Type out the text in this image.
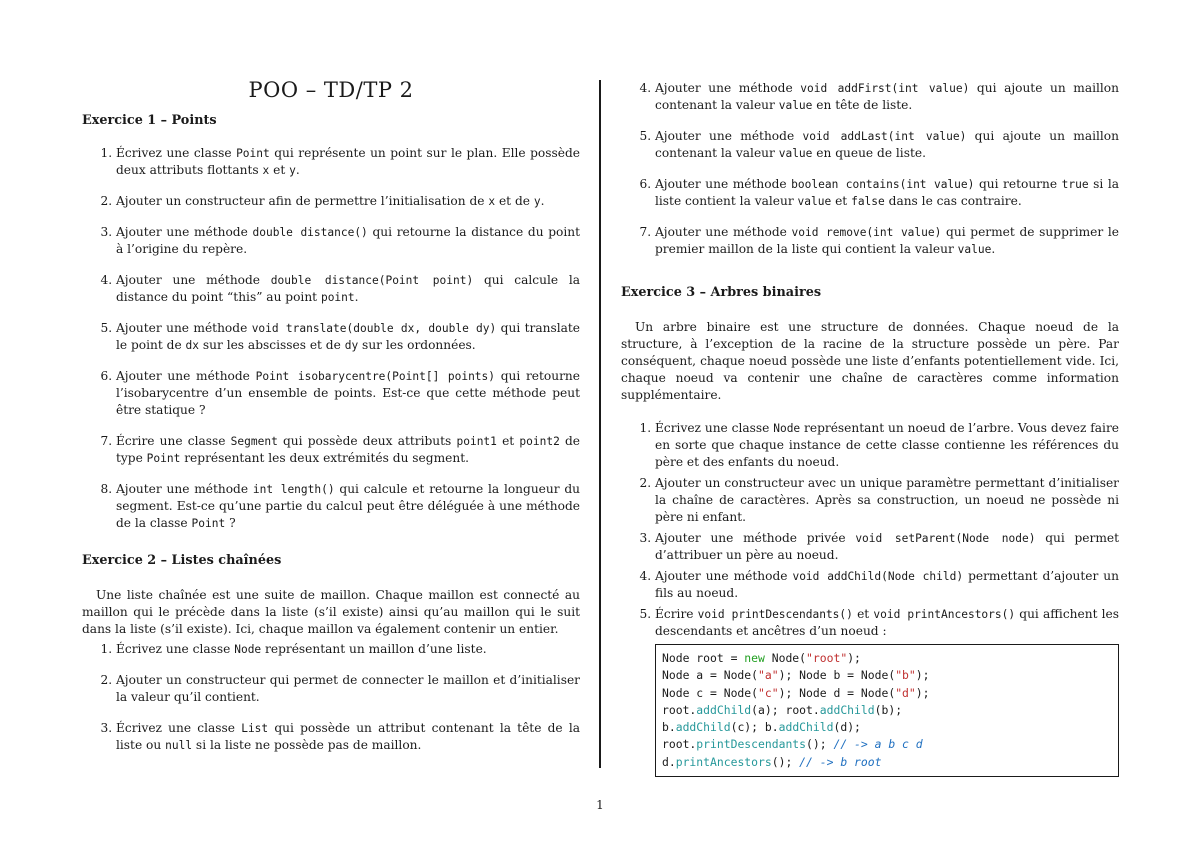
POO – TD/TP 2
Exercice 1 – Points
1. Écrivez une classe Point qui représente un point sur le plan. Elle possède deux attributs flottants x et y.
2. Ajouter un constructeur afin de permettre l’initialisation de x et de y.
3. Ajouter une méthode double distance() qui retourne la distance du point à l’origine du repère.
4. Ajouter une méthode double distance(Point point) qui calcule la distance du point “this” au point point.
5. Ajouter une méthode void translate(double dx, double dy) qui translate le point de dx sur les abscisses et de dy sur les ordonnées.
6. Ajouter une méthode Point isobarycentre(Point[] points) qui retourne l’isobarycentre d’un ensemble de points. Est-ce que cette méthode peut être statique ?
7. Écrire une classe Segment qui possède deux attributs point1 et point2 de type Point représentant les deux extrémités du segment.
8. Ajouter une méthode int length() qui calcule et retourne la longueur du segment. Est-ce qu’une partie du calcul peut être déléguée à une méthode de la classe Point ?
Exercice 2 – Listes chaînées

Une liste chaînée est une suite de maillon. Chaque maillon est connecté au maillon qui le précède dans la liste (s’il existe) ainsi qu’au maillon qui le suit dans la liste (s’il existe). Ici, chaque maillon va également contenir un entier.

1. Écrivez une classe Node représentant un maillon d’une liste.
2. Ajouter un constructeur qui permet de connecter le maillon et d’initialiser la valeur qu’il contient.
3. Écrivez une classe List qui possède un attribut contenant la tête de la liste ou null si la liste ne possède pas de maillon.
4. Ajouter une méthode void addFirst(int value) qui ajoute un maillon contenant la valeur value en tête de liste.
5. Ajouter une méthode void addLast(int value) qui ajoute un maillon contenant la valeur value en queue de liste.
6. Ajouter une méthode boolean contains(int value) qui retourne true si la liste contient la valeur value et false dans le cas contraire.
7. Ajouter une méthode void remove(int value) qui permet de supprimer le premier maillon de la liste qui contient la valeur value.
Exercice 3 – Arbres binaires

Un arbre binaire est une structure de données. Chaque noeud de la structure, à l’exception de la racine de la structure possède un père. Par conséquent, chaque noeud possède une liste d’enfants potentiellement vide. Ici, chaque noeud va contenir une chaîne de caractères comme information supplémentaire.

1. Écrivez une classe Node représentant un noeud de l’arbre. Vous devez faire en sorte que chaque instance de cette classe contienne les références du père et des enfants du noeud.
2. Ajouter un constructeur avec un unique paramètre permettant d’initialiser la chaîne de caractères. Après sa construction, un noeud ne possède ni père ni enfant.
3. Ajouter une méthode privée void setParent(Node node) qui permet d’attribuer un père au noeud.
4. Ajouter une méthode void addChild(Node child) permettant d’ajouter un fils au noeud.
5. Écrire void printDescendants() et void printAncestors() qui affichent les descendants et ancêtres d’un noeud :
Node root = new Node("root");
Node a = Node("a"); Node b = Node("b");
Node c = Node("c"); Node d = Node("d");
root.addChild(a); root.addChild(b);
b.addChild(c); b.addChild(d);
root.printDescendants(); // -> a b c d
d.printAncestors(); // -> b root
1
